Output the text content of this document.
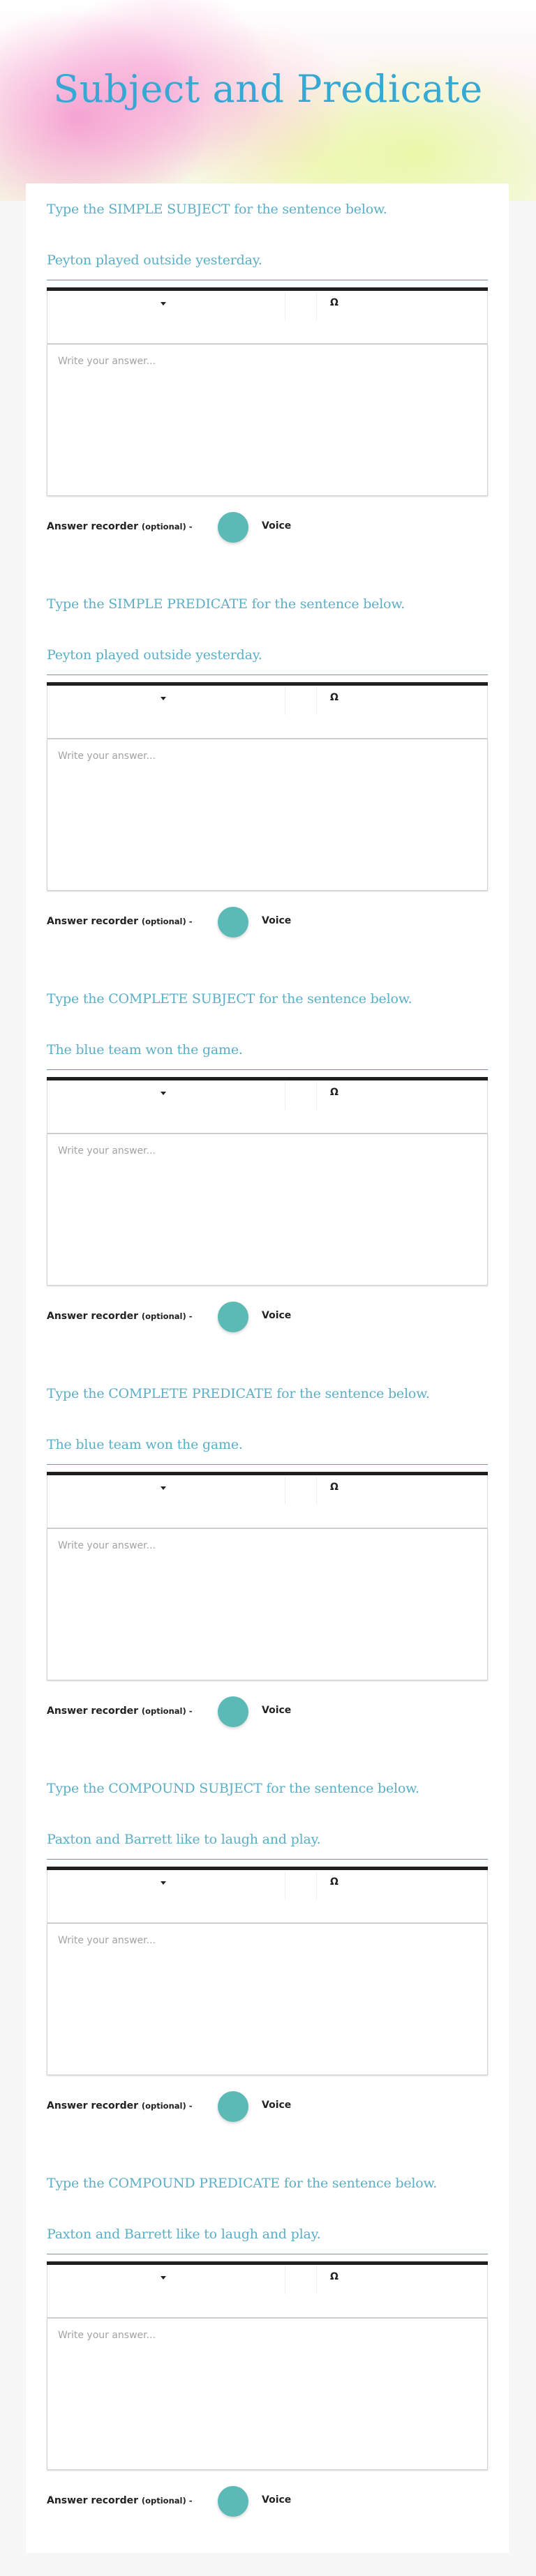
Subject and Predicate
Type the SIMPLE SUBJECT for the sentence below.
Peyton played outside yesterday.
Ω
Write your answer...
Answer recorder (optional) -	Voice
Type the SIMPLE PREDICATE for the sentence below.
Peyton played outside yesterday.
Ω
Write your answer...
Answer recorder (optional) -	Voice
Type the COMPLETE SUBJECT for the sentence below.
The blue team won the game.
Ω
Write your answer...
Answer recorder (optional) -	Voice
Type the COMPLETE PREDICATE for the sentence below.
The blue team won the game.
Ω
Write your answer...
Answer recorder (optional) -	Voice
Type the COMPOUND SUBJECT for the sentence below.
Paxton and Barrett like to laugh and play.
Ω
Write your answer...
Answer recorder (optional) -	Voice
Type the COMPOUND PREDICATE for the sentence below.
Paxton and Barrett like to laugh and play.
Ω
Write your answer...
Answer recorder (optional) -	Voice
